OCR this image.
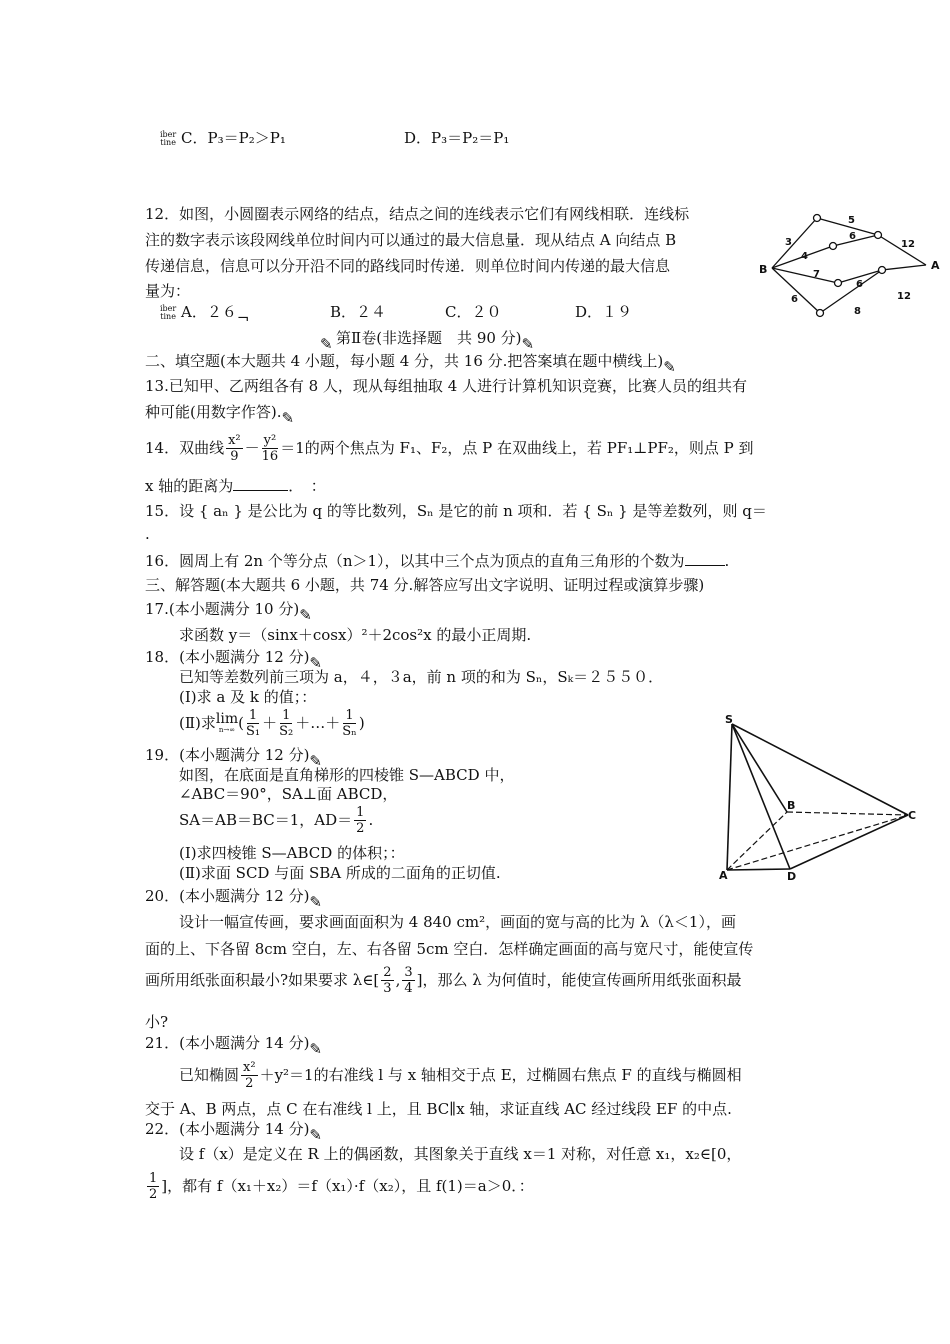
iber
tine C．P₃＝P₂＞P₁	D．P₃＝P₂＝P₁
12．如图，小圆圈表示网络的结点，结点之间的连线表示它们有网线相联．连线标
注的数字表示该段网线单位时间内可以通过的最大信息量．现从结点 A 向结点 B
传递信息，信息可以分开沿不同的路线同时传递．则单位时间内传递的最大信息
量为：
iber
tine A．２６¬	B．２４	C．２０	D．１９
B	A
3
4
5
6
12
7
6
12
6
8
✎ 第Ⅱ卷(非选择题　共 90 分)✎
二、填空题(本大题共 4 小题，每小题 4 分，共 16 分.把答案填在题中横线上)✎
13.已知甲、乙两组各有 8 人，现从每组抽取 4 人进行计算机知识竞赛，比赛人员的组共有
种可能(用数字作答).✎
14．双曲线 $\frac{\text{x²}}{9} - \frac{\text{y²}}{16} =1$的两个焦点为 F₁、F₂，点 P 在双曲线上，若 PF₁⊥PF₂，则点 P 到
x 轴的距离为	．　：
15．设 { aₙ } 是公比为 q 的等比数列，Sₙ 是它的前 n 项和．若 { Sₙ } 是等差数列，则 q＝
.
16．圆周上有 2n 个等分点（n＞1），以其中三个点为顶点的直角三角形的个数为	.
三、解答题(本大题共 6 小题，共 74 分.解答应写出文字说明、证明过程或演算步骤)
17.(本小题满分 10 分)✎
求函数 y＝（sinx＋cosx）²＋2cos²x 的最小正周期.
18．(本小题满分 12 分)✎
已知等差数列前三项为 a，４，３a，前 n 项的和为 Sₙ，Sₖ＝２５５０．
(Ⅰ)求 a 及 k 的值；：
(Ⅱ)求 lim
n→∞ ( $\frac{1}{\text{S₁}} + \frac{1}{\text{S₂}}$ ＋…＋ $\frac{1}{\text{Sₙ}}$ )
19．(本小题满分 12 分)✎
如图，在底面是直角梯形的四棱锥 S—ABCD 中，
∠ABC＝90°，SA⊥面 ABCD，
SA＝AB＝BC＝1，$AD= \frac{1}{2}$ .
(Ⅰ)求四棱锥 S—ABCD 的体积；：
(Ⅱ)求面 SCD 与面 SBA 所成的二面角的正切值.
S
B
C
A	D
20．(本小题满分 12 分)✎
设计一幅宣传画，要求画面面积为 4 840 cm²，画面的宽与高的比为 λ（λ＜1），画
面的上、下各留 8cm 空白，左、右各留 5cm 空白．怎样确定画面的高与宽尺寸，能使宣传
画所用纸张面积最小?如果要求 λ∈[ $\frac{2}{3}$ , $\frac{3}{4}$ ]，那么 λ 为何值时，能使宣传画所用纸张面积最
小?
21．(本小题满分 14 分)✎
已知椭圆 $\frac{\text{x²}}{2} +y^2=1$的右准线 l 与 x 轴相交于点 E，过椭圆右焦点 F 的直线与椭圆相
交于 A、B 两点，点 C 在右准线 l 上，且 BC∥x 轴，求证直线 AC 经过线段 EF 的中点.
22．(本小题满分 14 分)✎
设 f（x）是定义在 R 上的偶函数，其图象关于直线 x＝1 对称，对任意 x₁，x₂∈[0，
$\frac{1}{2}$ ]，都有 f（x₁＋x₂）＝f（x₁）·f（x₂），且 f(1)＝a＞0．：
